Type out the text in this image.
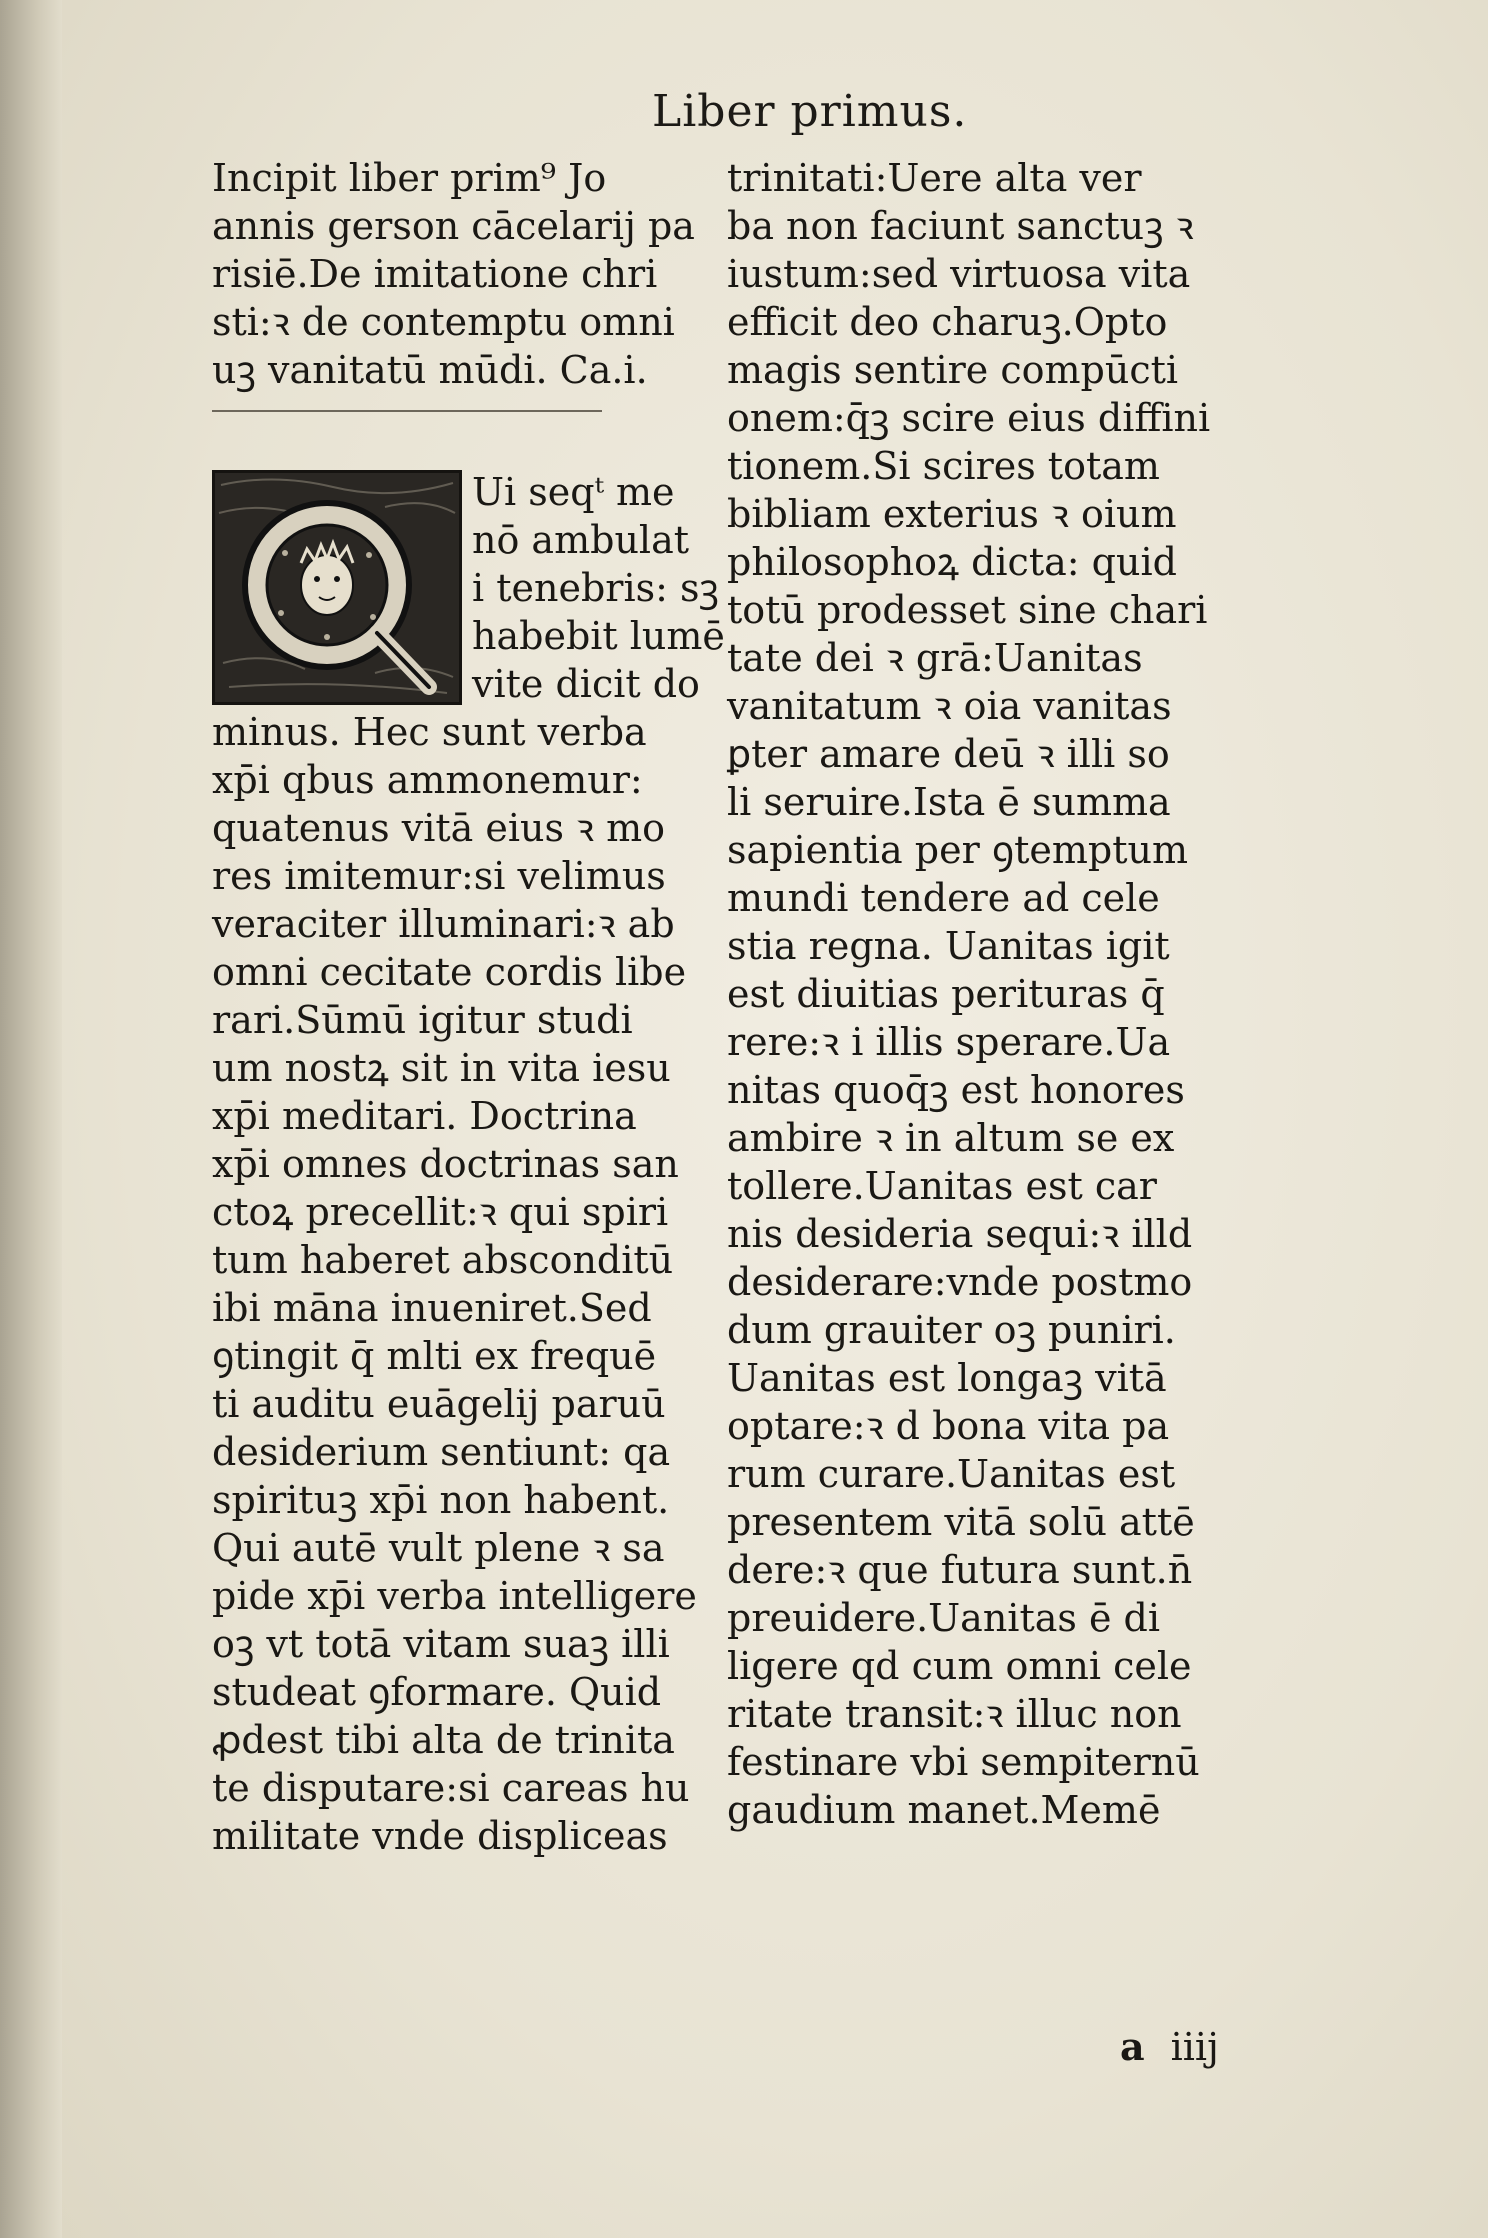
Liber primus.
Incipit liber prim⁹ Jo
annis gerson cācelarij pa
risiē.De imitatione chri
sti:ꝛ de contemptu omni
uꝫ vanitatū mūdi. Ca.i.
Ui seqᵗ me
nō ambulat
i tenebris: sꝫ
habebit lumē
vite dicit do
minus. Hec sunt verba
xp̄i qbus ammonemur:
quatenus vitā eius ꝛ mo
res imitemur:si velimus
veraciter illuminari:ꝛ ab
omni cecitate cordis libe
rari.Sūmū igitur studi
um nostꝝ sit in vita iesu
xp̄i meditari. Doctrina
xp̄i omnes doctrinas san
ctoꝝ precellit:ꝛ qui spiri
tum haberet absconditū
ibi māna inueniret.Sed
ꝯtingit q̄ mlti ex frequē
ti auditu euāgelij paruū
desiderium sentiunt: qa
spirituꝫ xp̄i non habent.
Qui autē vult plene ꝛ sa
pide xp̄i verba intelligere
oꝫ vt totā vitam suaꝫ illi
studeat ꝯformare. Quid
ꝓdest tibi alta de trinita
te disputare:si careas hu
militate vnde displiceas
trinitati:Uere alta ver
ba non faciunt sanctuꝫ ꝛ
iustum:sed virtuosa vita
efficit deo charuꝫ.Opto
magis sentire compūcti
onem:q̄ꝫ scire eius diffini
tionem.Si scires totam
bibliam exterius ꝛ oium
philosophoꝝ dicta: quid
totū prodesset sine chari
tate dei ꝛ grā:Uanitas
vanitatum ꝛ oia vanitas
ꝑter amare deū ꝛ illi so
li seruire.Ista ē summa
sapientia per ꝯtemptum
mundi tendere ad cele
stia regna. Uanitas igit
est diuitias perituras q̄
rere:ꝛ i illis sperare.Ua
nitas quoq̄ꝫ est honores
ambire ꝛ in altum se ex
tollere.Uanitas est car
nis desideria sequi:ꝛ illd
desiderare:vnde postmo
dum grauiter oꝫ puniri.
Uanitas est longaꝫ vitā
optare:ꝛ d bona vita pa
rum curare.Uanitas est
presentem vitā solū attē
dere:ꝛ que futura sunt.n̄
preuidere.Uanitas ē di
ligere qd cum omni cele
ritate transit:ꝛ illuc non
festinare vbi sempiternū
gaudium manet.Memē
a iiij
